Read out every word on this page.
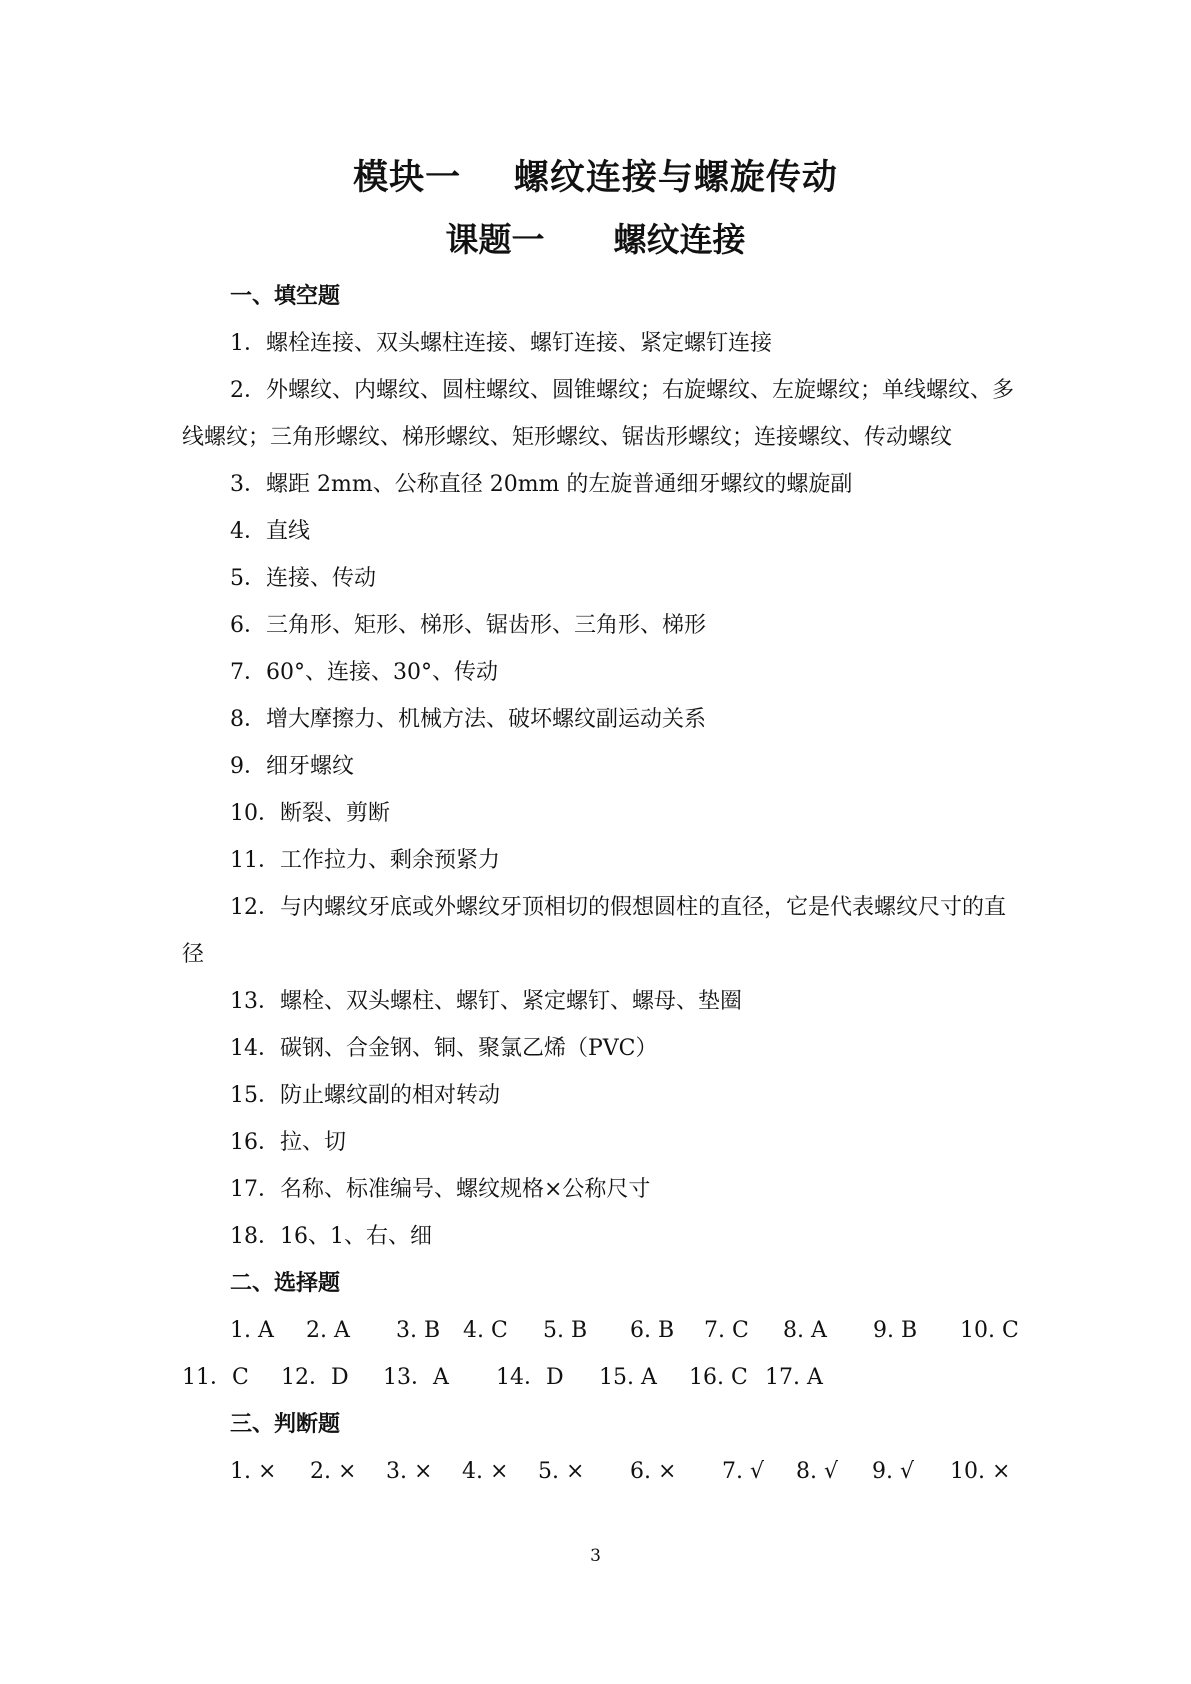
模块一    螺纹连接与螺旋传动
课题一      螺纹连接
一、填空题
1．螺栓连接、双头螺柱连接、螺钉连接、紧定螺钉连接
2．外螺纹、内螺纹、圆柱螺纹、圆锥螺纹；右旋螺纹、左旋螺纹；单线螺纹、多线螺纹；三角形螺纹、梯形螺纹、矩形螺纹、锯齿形螺纹；连接螺纹、传动螺纹
3．螺距 2mm、公称直径 20mm 的左旋普通细牙螺纹的螺旋副
4．直线
5．连接、传动
6．三角形、矩形、梯形、锯齿形、三角形、梯形
7．60°、连接、30°、传动
8．增大摩擦力、机械方法、破坏螺纹副运动关系
9．细牙螺纹
10．断裂、剪断
11．工作拉力、剩余预紧力
12．与内螺纹牙底或外螺纹牙顶相切的假想圆柱的直径，它是代表螺纹尺寸的直径
13．螺栓、双头螺柱、螺钉、紧定螺钉、螺母、垫圈
14．碳钢、合金钢、铜、聚氯乙烯（PVC）
15．防止螺纹副的相对转动
16．拉、切
17．名称、标准编号、螺纹规格×公称尺寸
18．16、1、右、细
二、选择题
1. A 2. A 3. B 4. C 5. B 6. B 7. C 8. A 9. B 10. C
11．C 12．D 13．A 14．D 15. A 16. C 17. A
三、判断题
1. × 2. × 3. × 4. × 5. × 6. × 7. √ 8. √ 9. √ 10. ×
3
